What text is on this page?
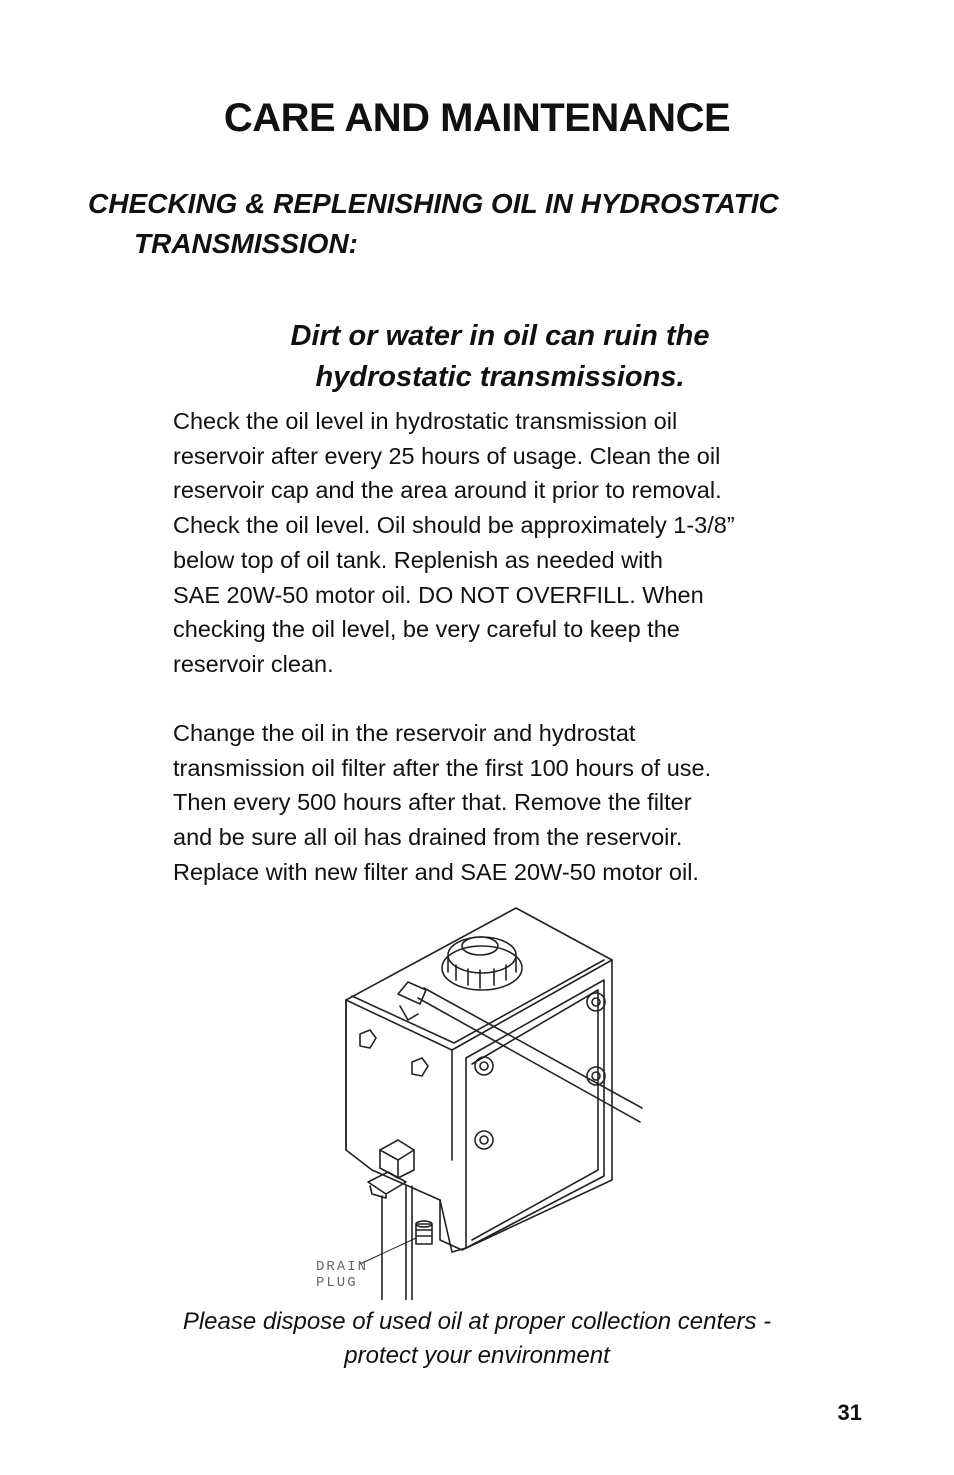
CARE AND MAINTENANCE
CHECKING & REPLENISHING OIL IN HYDROSTATIC
TRANSMISSION:
Dirt or water in oil can ruin the
hydrostatic transmissions.

Check the oil level in hydrostatic transmission oil
reservoir after every 25 hours of usage. Clean the oil
reservoir cap and the area around it prior to removal.
Check the oil level. Oil should be approximately 1-3/8”
below top of oil tank. Replenish as needed with
SAE 20W-50 motor oil. DO NOT OVERFILL. When
checking the oil level, be very careful to keep the
reservoir clean.

Change the oil in the reservoir and hydrostat
transmission oil filter after the first 100 hours of use.
Then every 500 hours after that. Remove the filter
and be sure all oil has drained from the reservoir.
Replace with new filter and SAE 20W-50 motor oil.

DRAIN
PLUG
Please dispose of used oil at proper collection centers -
protect your environment
31
